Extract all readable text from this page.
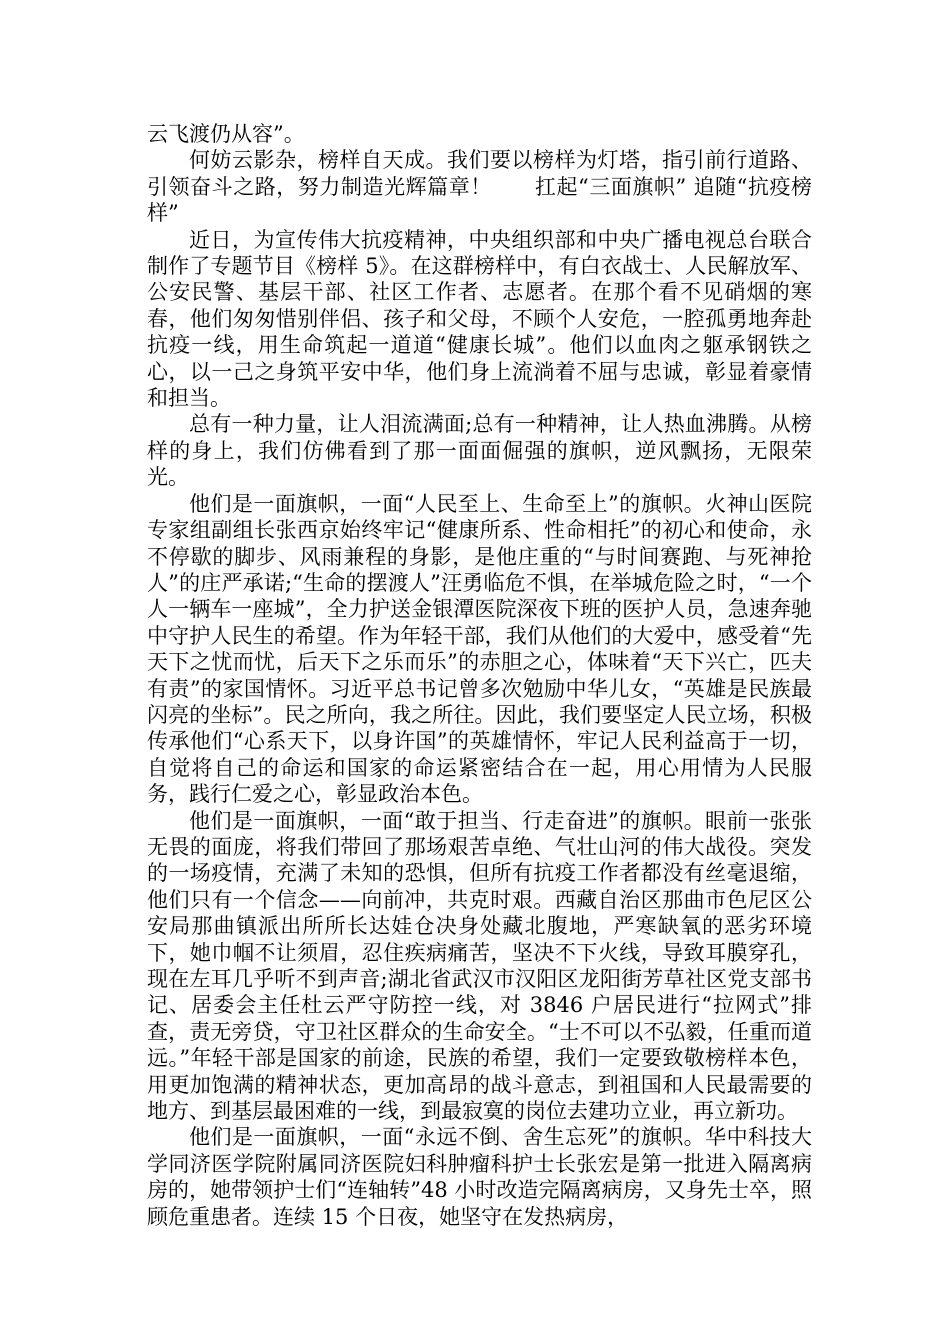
云飞渡仍从容”。

何妨云影杂，榜样自天成。我们要以榜样为灯塔，指引前行道路、引领奋斗之路，努力制造光辉篇章！　　扛起“三面旗帜” 追随“抗疫榜样”

近日，为宣传伟大抗疫精神，中央组织部和中央广播电视总台联合制作了专题节目《榜样 5》。在这群榜样中，有白衣战士、人民解放军、公安民警、基层干部、社区工作者、志愿者。在那个看不见硝烟的寒春，他们匆匆惜别伴侣、孩子和父母，不顾个人安危，一腔孤勇地奔赴抗疫一线，用生命筑起一道道“健康长城”。他们以血肉之躯承钢铁之心，以一己之身筑平安中华，他们身上流淌着不屈与忠诚，彰显着豪情和担当。

总有一种力量，让人泪流满面;总有一种精神，让人热血沸腾。从榜样的身上，我们仿佛看到了那一面面倔强的旗帜，逆风飘扬，无限荣光。

他们是一面旗帜，一面“人民至上、生命至上”的旗帜。火神山医院专家组副组长张西京始终牢记“健康所系、性命相托”的初心和使命，永不停歇的脚步、风雨兼程的身影，是他庄重的“与时间赛跑、与死神抢人”的庄严承诺;“生命的摆渡人”汪勇临危不惧，在举城危险之时，“一个人一辆车一座城”，全力护送金银潭医院深夜下班的医护人员，急速奔驰中守护人民生的希望。作为年轻干部，我们从他们的大爱中，感受着“先天下之忧而忧，后天下之乐而乐”的赤胆之心，体味着“天下兴亡，匹夫有责”的家国情怀。习近平总书记曾多次勉励中华儿女，“英雄是民族最闪亮的坐标”。民之所向，我之所往。因此，我们要坚定人民立场，积极传承他们“心系天下，以身许国”的英雄情怀，牢记人民利益高于一切，自觉将自己的命运和国家的命运紧密结合在一起，用心用情为人民服务，践行仁爱之心，彰显政治本色。

他们是一面旗帜，一面“敢于担当、行走奋进”的旗帜。眼前一张张无畏的面庞，将我们带回了那场艰苦卓绝、气壮山河的伟大战役。突发的一场疫情，充满了未知的恐惧，但所有抗疫工作者都没有丝毫退缩，他们只有一个信念——向前冲，共克时艰。西藏自治区那曲市色尼区公安局那曲镇派出所所长达娃仓决身处藏北腹地，严寒缺氧的恶劣环境下，她巾帼不让须眉，忍住疾病痛苦，坚决不下火线，导致耳膜穿孔，现在左耳几乎听不到声音;湖北省武汉市汉阳区龙阳街芳草社区党支部书记、居委会主任杜云严守防控一线，对 3846 户居民进行“拉网式”排查，责无旁贷，守卫社区群众的生命安全。“士不可以不弘毅，任重而道远。”年轻干部是国家的前途，民族的希望，我们一定要致敬榜样本色，用更加饱满的精神状态，更加高昂的战斗意志，到祖国和人民最需要的地方、到基层最困难的一线，到最寂寞的岗位去建功立业，再立新功。

他们是一面旗帜，一面“永远不倒、舍生忘死”的旗帜。华中科技大学同济医学院附属同济医院妇科肿瘤科护士长张宏是第一批进入隔离病房的，她带领护士们“连轴转”48 小时改造完隔离病房，又身先士卒，照顾危重患者。连续 15 个日夜，她坚守在发热病房，
